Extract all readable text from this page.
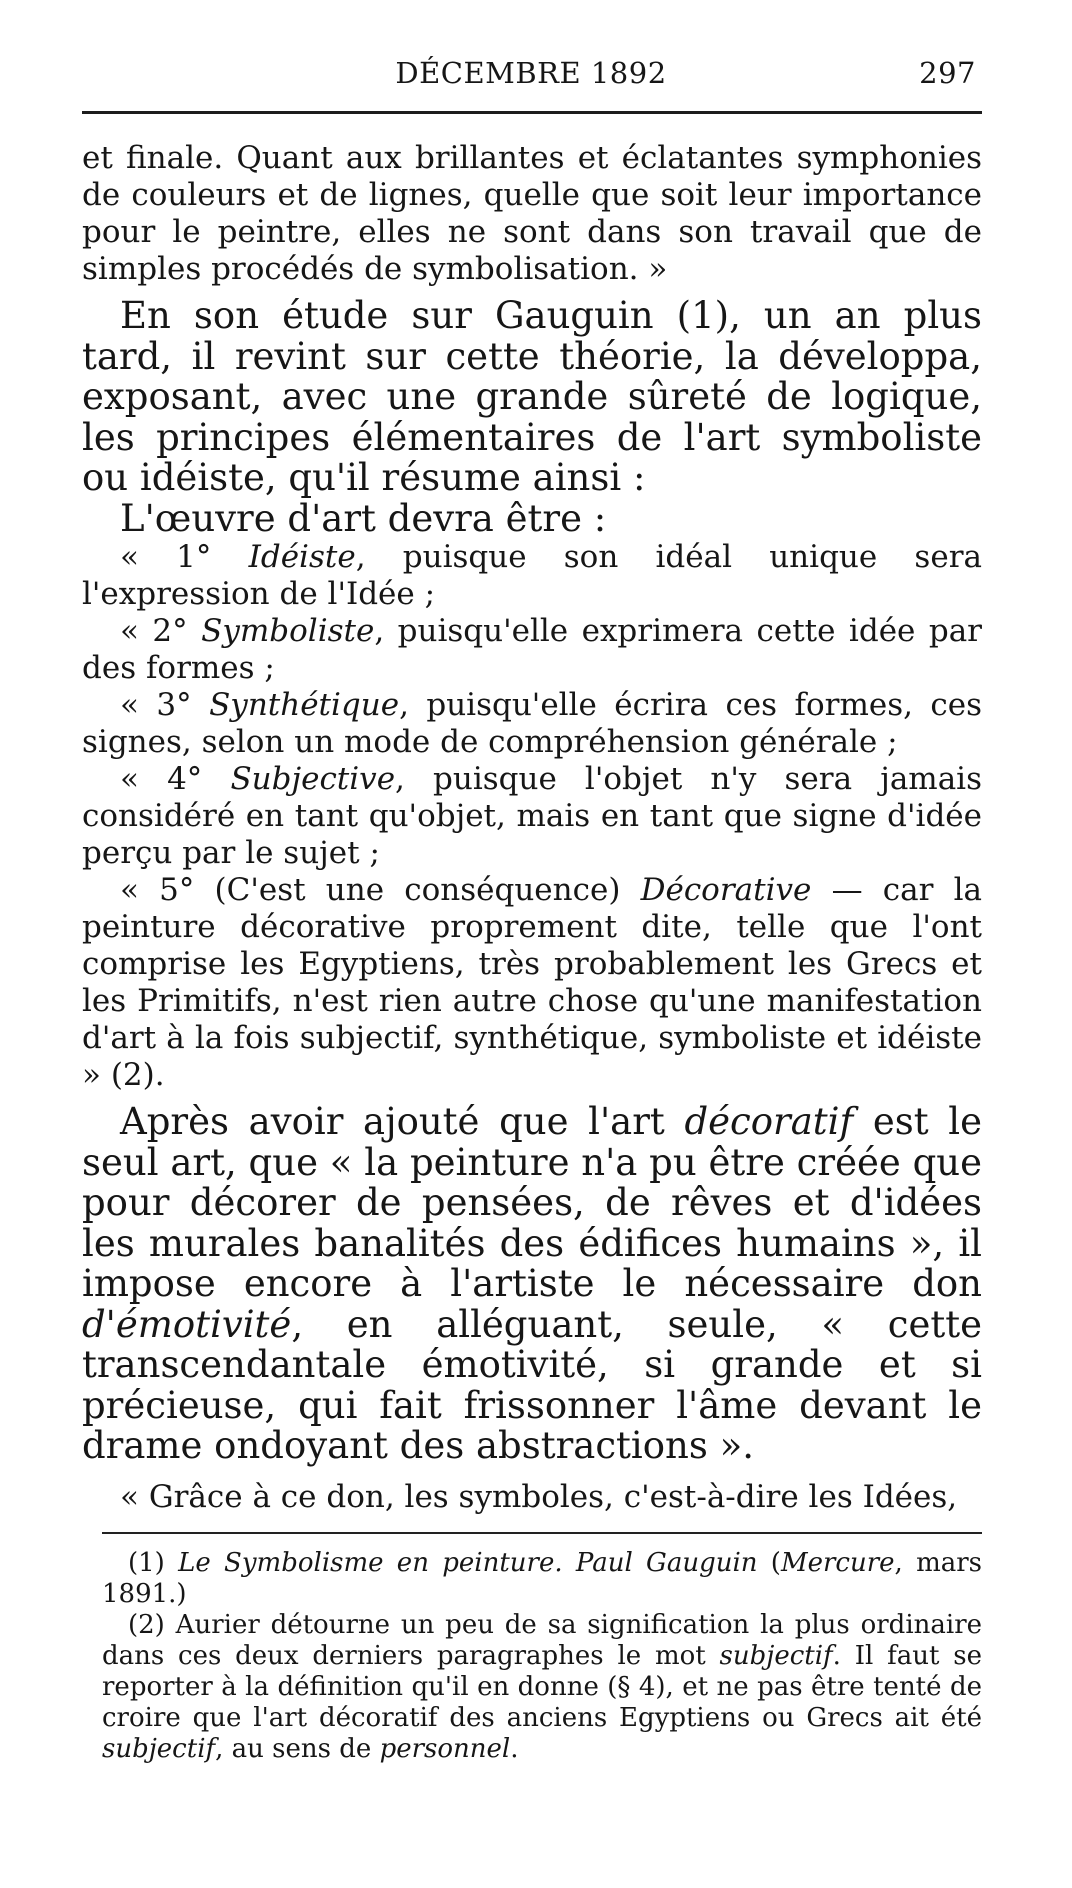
DÉCEMBRE 1892	297

et finale. Quant aux brillantes et éclatantes symphonies de couleurs et de lignes, quelle que soit leur importance pour le peintre, elles ne sont dans son travail que de simples procédés de symbolisation. »

En son étude sur Gauguin (1), un an plus tard, il revint sur cette théorie, la développa, exposant, avec une grande sûreté de logique, les principes élémentaires de l'art symboliste ou idéiste, qu'il résume ainsi :

L'œuvre d'art devra être :

« 1° Idéiste, puisque son idéal unique sera l'expression de l'Idée ;

« 2° Symboliste, puisqu'elle exprimera cette idée par des formes ;

« 3° Synthétique, puisqu'elle écrira ces formes, ces signes, selon un mode de compréhension générale ;

« 4° Subjective, puisque l'objet n'y sera jamais considéré en tant qu'objet, mais en tant que signe d'idée perçu par le sujet ;

« 5° (C'est une conséquence) Décorative — car la peinture décorative proprement dite, telle que l'ont comprise les Egyptiens, très probablement les Grecs et les Primitifs, n'est rien autre chose qu'une manifestation d'art à la fois subjectif, synthétique, symboliste et idéiste » (2).

Après avoir ajouté que l'art décoratif est le seul art, que « la peinture n'a pu être créée que pour décorer de pensées, de rêves et d'idées les murales banalités des édifices humains », il impose encore à l'artiste le nécessaire don d'émotivité, en alléguant, seule, « cette transcendantale émotivité, si grande et si précieuse, qui fait frissonner l'âme devant le drame ondoyant des abstractions ».

« Grâce à ce don, les symboles, c'est-à-dire les Idées,

(1) Le Symbolisme en peinture. Paul Gauguin (Mercure, mars 1891.)

(2) Aurier détourne un peu de sa signification la plus ordinaire dans ces deux derniers paragraphes le mot subjectif. Il faut se reporter à la définition qu'il en donne (§ 4), et ne pas être tenté de croire que l'art décoratif des anciens Egyptiens ou Grecs ait été subjectif, au sens de personnel.
